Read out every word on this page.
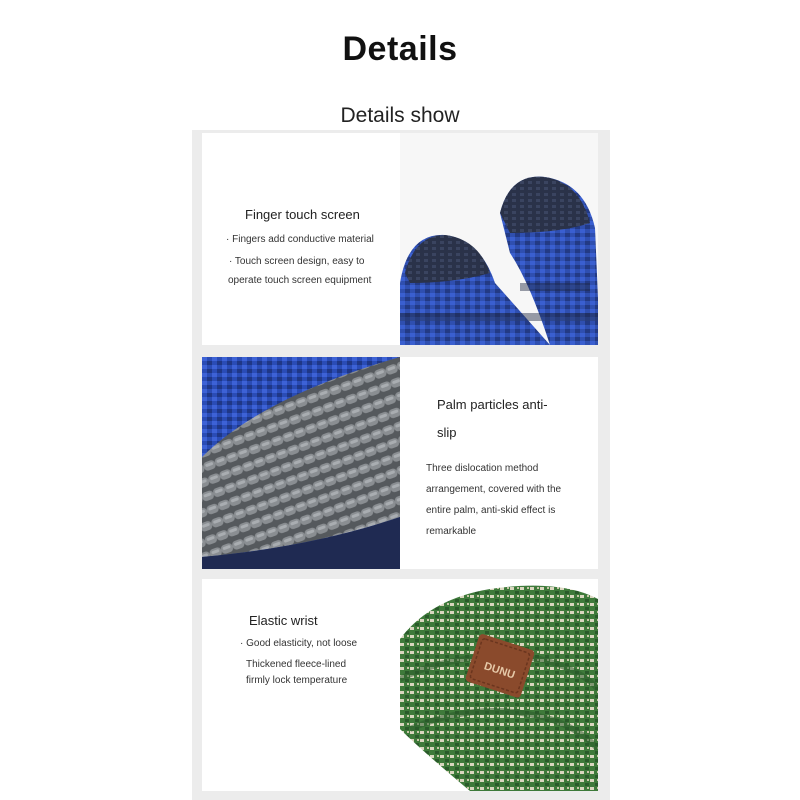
Details
Details show
Finger touch screen
· Fingers add conductive material
· Touch screen design, easy to
operate touch screen equipment
Palm particles anti-
slip
Three dislocation method
arrangement, covered with the
entire palm, anti-skid effect is
remarkable
Elastic wrist
· Good elasticity, not loose
Thickened fleece-lined
firmly lock temperature	DUNU
